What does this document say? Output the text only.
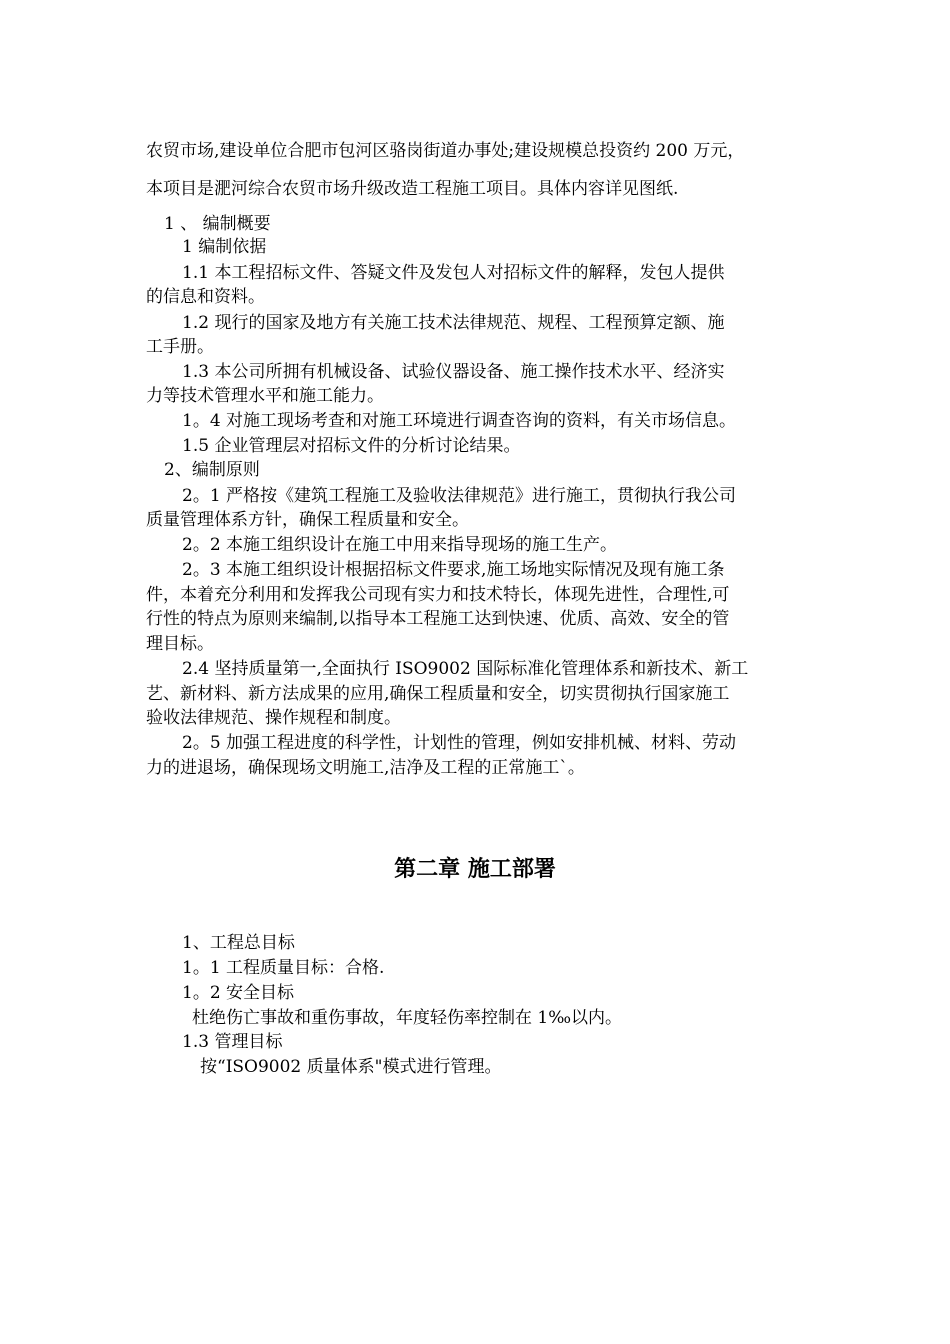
农贸市场,建设单位合肥市包河区骆岗街道办事处;建设规模总投资约 200 万元，
本项目是淝河综合农贸市场升级改造工程施工项目。具体内容详见图纸.
1 、 编制概要
1 编制依据
1.1 本工程招标文件、答疑文件及发包人对招标文件的解释，发包人提供
的信息和资料。
1.2 现行的国家及地方有关施工技术法律规范、规程、工程预算定额、施
工手册。
1.3 本公司所拥有机械设备、试验仪器设备、施工操作技术水平、经济实
力等技术管理水平和施工能力。
1。4 对施工现场考查和对施工环境进行调查咨询的资料，有关市场信息。
1.5 企业管理层对招标文件的分析讨论结果。
2、编制原则
2。1 严格按《建筑工程施工及验收法律规范》进行施工，贯彻执行我公司
质量管理体系方针，确保工程质量和安全。
2。2 本施工组织设计在施工中用来指导现场的施工生产。
2。3 本施工组织设计根据招标文件要求,施工场地实际情况及现有施工条
件，本着充分利用和发挥我公司现有实力和技术特长，体现先进性，合理性,可
行性的特点为原则来编制,以指导本工程施工达到快速、优质、高效、安全的管
理目标。
2.4 坚持质量第一,全面执行 ISO9002 国际标准化管理体系和新技术、新工
艺、新材料、新方法成果的应用,确保工程质量和安全，切实贯彻执行国家施工
验收法律规范、操作规程和制度。
2。5 加强工程进度的科学性，计划性的管理，例如安排机械、材料、劳动
力的进退场，确保现场文明施工,洁净及工程的正常施工`。
第二章 施工部署
1、工程总目标
1。1 工程质量目标：合格.
1。2 安全目标
杜绝伤亡事故和重伤事故，年度轻伤率控制在 1‰以内。
1.3 管理目标
按“ISO9002 质量体系"模式进行管理。
